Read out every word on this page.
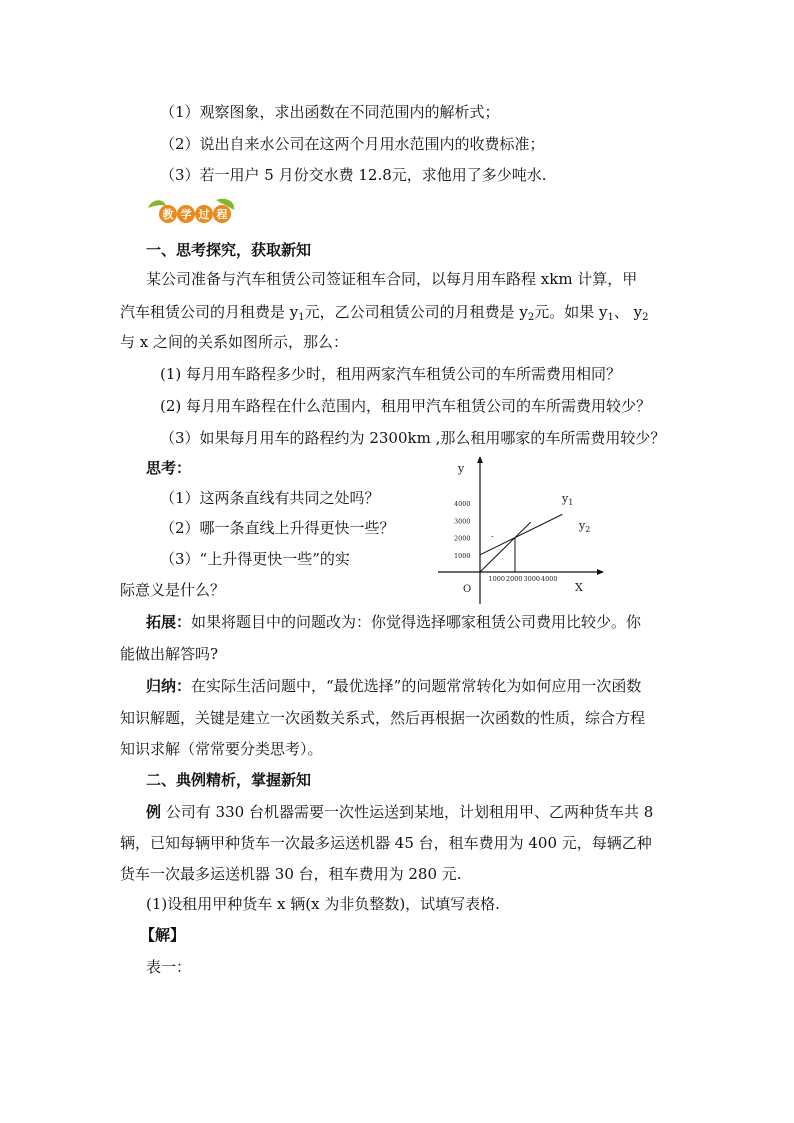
（1）观察图象，求出函数在不同范围内的解析式；
（2）说出自来水公司在这两个月用水范围内的收费标准；
（3）若一用户 5 月份交水费 12.8元，求他用了多少吨水.
教 学 过 程
一、思考探究，获取新知
某公司准备与汽车租赁公司签证租车合同，以每月用车路程 xkm 计算，甲
汽车租赁公司的月租费是 $y_1$元，乙公司租赁公司的月租费是 $y_2$元。如果 $y_1$、 $y_2$
与 x 之间的关系如图所示，那么：
(1) 每月用车路程多少时，租用两家汽车租赁公司的车所需费用相同？
(2) 每月用车路程在什么范围内，租用甲汽车租赁公司的车所需费用较少？
（3）如果每月用车的路程约为 2300km ,那么租用哪家的车所需费用较少？
思考：
（1）这两条直线有共同之处吗？
（2）哪一条直线上升得更快一些？
（3）“上升得更快一些”的实
际意义是什么？
y
X
O
1000
2000
3000
4000
1000 2000 3000 4000
-
$y_1$
$y_2$
拓展：如果将题目中的问题改为：你觉得选择哪家租赁公司费用比较少。你
能做出解答吗?
归纳：在实际生活问题中，“最优选择”的问题常常转化为如何应用一次函数
知识解题，关键是建立一次函数关系式，然后再根据一次函数的性质，综合方程
知识求解（常常要分类思考）。
二、典例精析，掌握新知
例 公司有 330 台机器需要一次性运送到某地，计划租用甲、乙两种货车共 8
辆，已知每辆甲种货车一次最多运送机器 45 台，租车费用为 400 元，每辆乙种
货车一次最多运送机器 30 台，租车费用为 280 元.
(1)设租用甲种货车 x 辆(x 为非负整数)，试填写表格.
【解】
表一：
